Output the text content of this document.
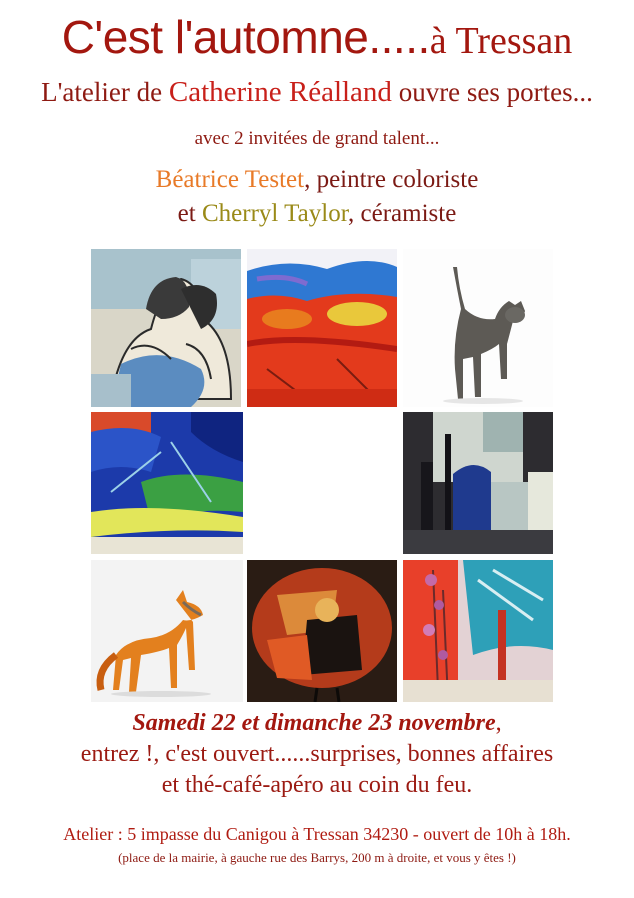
C'est l'automne.....à Tressan
L'atelier de Catherine Réalland ouvre ses portes...
avec 2 invitées de grand talent...
Béatrice Testet, peintre coloriste
et Cherryl Taylor, céramiste
Samedi 22 et dimanche 23 novembre,
entrez !, c'est ouvert......surprises, bonnes affaires
et thé-café-apéro au coin du feu.
Atelier : 5 impasse du Canigou à Tressan 34230 - ouvert de 10h à 18h.
(place de la mairie, à gauche rue des Barrys, 200 m à droite, et vous y êtes !)
